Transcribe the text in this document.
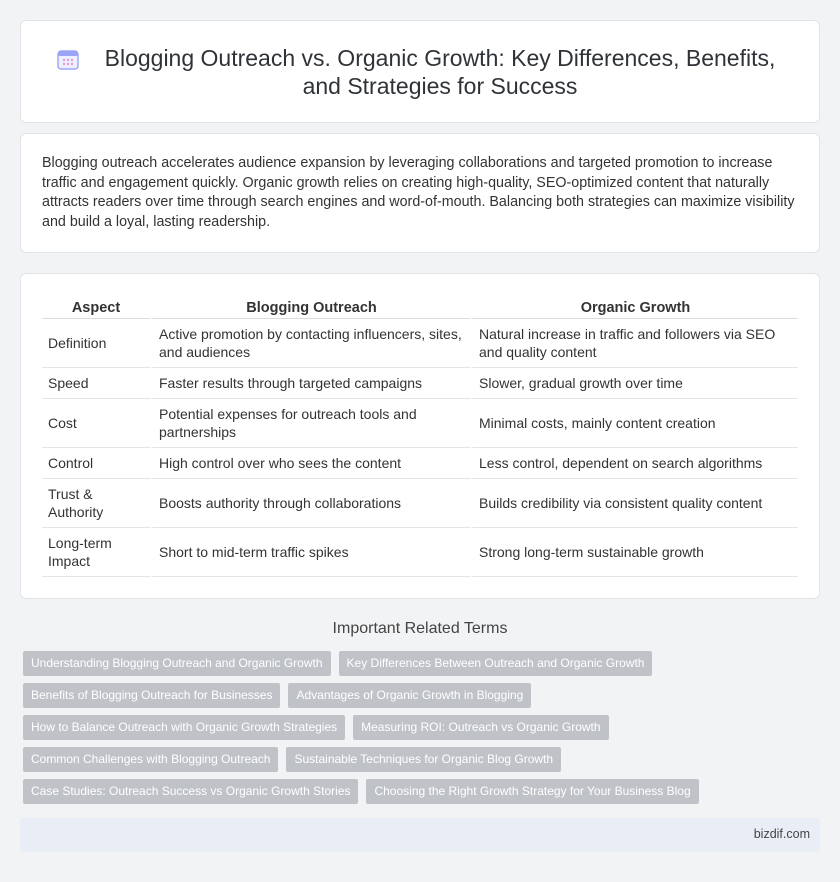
Blogging Outreach vs. Organic Growth: Key Differences, Benefits, and Strategies for Success

Blogging outreach accelerates audience expansion by leveraging collaborations and targeted promotion to increase traffic and engagement quickly. Organic growth relies on creating high-quality, SEO-optimized content that naturally attracts readers over time through search engines and word-of-mouth. Balancing both strategies can maximize visibility and build a loyal, lasting readership.

Aspect	Blogging Outreach	Organic Growth
Definition	Active promotion by contacting influencers, sites, and audiences	Natural increase in traffic and followers via SEO and quality content
Speed	Faster results through targeted campaigns	Slower, gradual growth over time
Cost	Potential expenses for outreach tools and partnerships	Minimal costs, mainly content creation
Control	High control over who sees the content	Less control, dependent on search algorithms
Trust & Authority	Boosts authority through collaborations	Builds credibility via consistent quality content
Long-term Impact	Short to mid-term traffic spikes	Strong long-term sustainable growth
Important Related Terms
Understanding Blogging Outreach and Organic Growth	Key Differences Between Outreach and Organic Growth
Benefits of Blogging Outreach for Businesses	Advantages of Organic Growth in Blogging
How to Balance Outreach with Organic Growth Strategies	Measuring ROI: Outreach vs Organic Growth
Common Challenges with Blogging Outreach	Sustainable Techniques for Organic Blog Growth
Case Studies: Outreach Success vs Organic Growth Stories	Choosing the Right Growth Strategy for Your Business Blog
bizdif.com
